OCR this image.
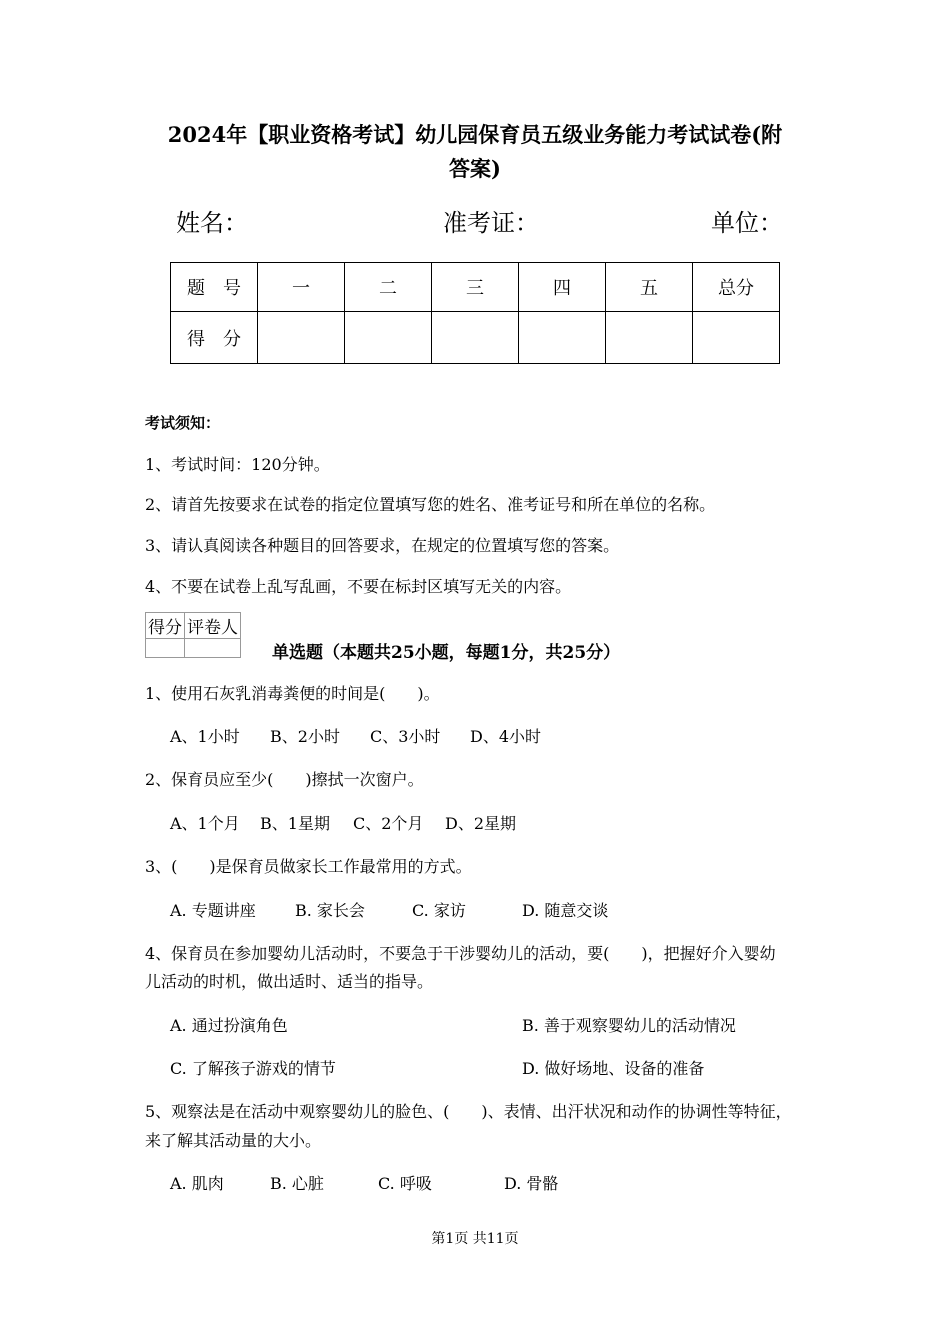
2024年【职业资格考试】幼儿园保育员五级业务能力考试试卷(附
答案)
姓名：	准考证：	单位：
题　号	一	二	三	四	五	总分
得　分						
考试须知：
1、考试时间：120分钟。
2、请首先按要求在试卷的指定位置填写您的姓名、准考证号和所在单位的名称。
3、请认真阅读各种题目的回答要求，在规定的位置填写您的答案。
4、不要在试卷上乱写乱画，不要在标封区填写无关的内容。
得分	评卷人

单选题（本题共25小题，每题1分，共25分）
1、使用石灰乳消毒粪便的时间是(　　)。
A、1小时 B、2小时 C、3小时 D、4小时
2、保育员应至少(　　)擦拭一次窗户。
A、1个月 B、1星期 C、2个月 D、2星期
3、(　　)是保育员做家长工作最常用的方式。
A. 专题讲座 B. 家长会	C. 家访	D. 随意交谈
4、保育员在参加婴幼儿活动时，不要急于干涉婴幼儿的活动，要(　　)，把握好介入婴幼
儿活动的时机，做出适时、适当的指导。
A. 通过扮演角色	B. 善于观察婴幼儿的活动情况
C. 了解孩子游戏的情节	D. 做好场地、设备的准备
5、观察法是在活动中观察婴幼儿的脸色、(　　)、表情、出汗状况和动作的协调性等特征，
来了解其活动量的大小。
A. 肌肉	B. 心脏	C. 呼吸	D. 骨骼
第1页 共11页
